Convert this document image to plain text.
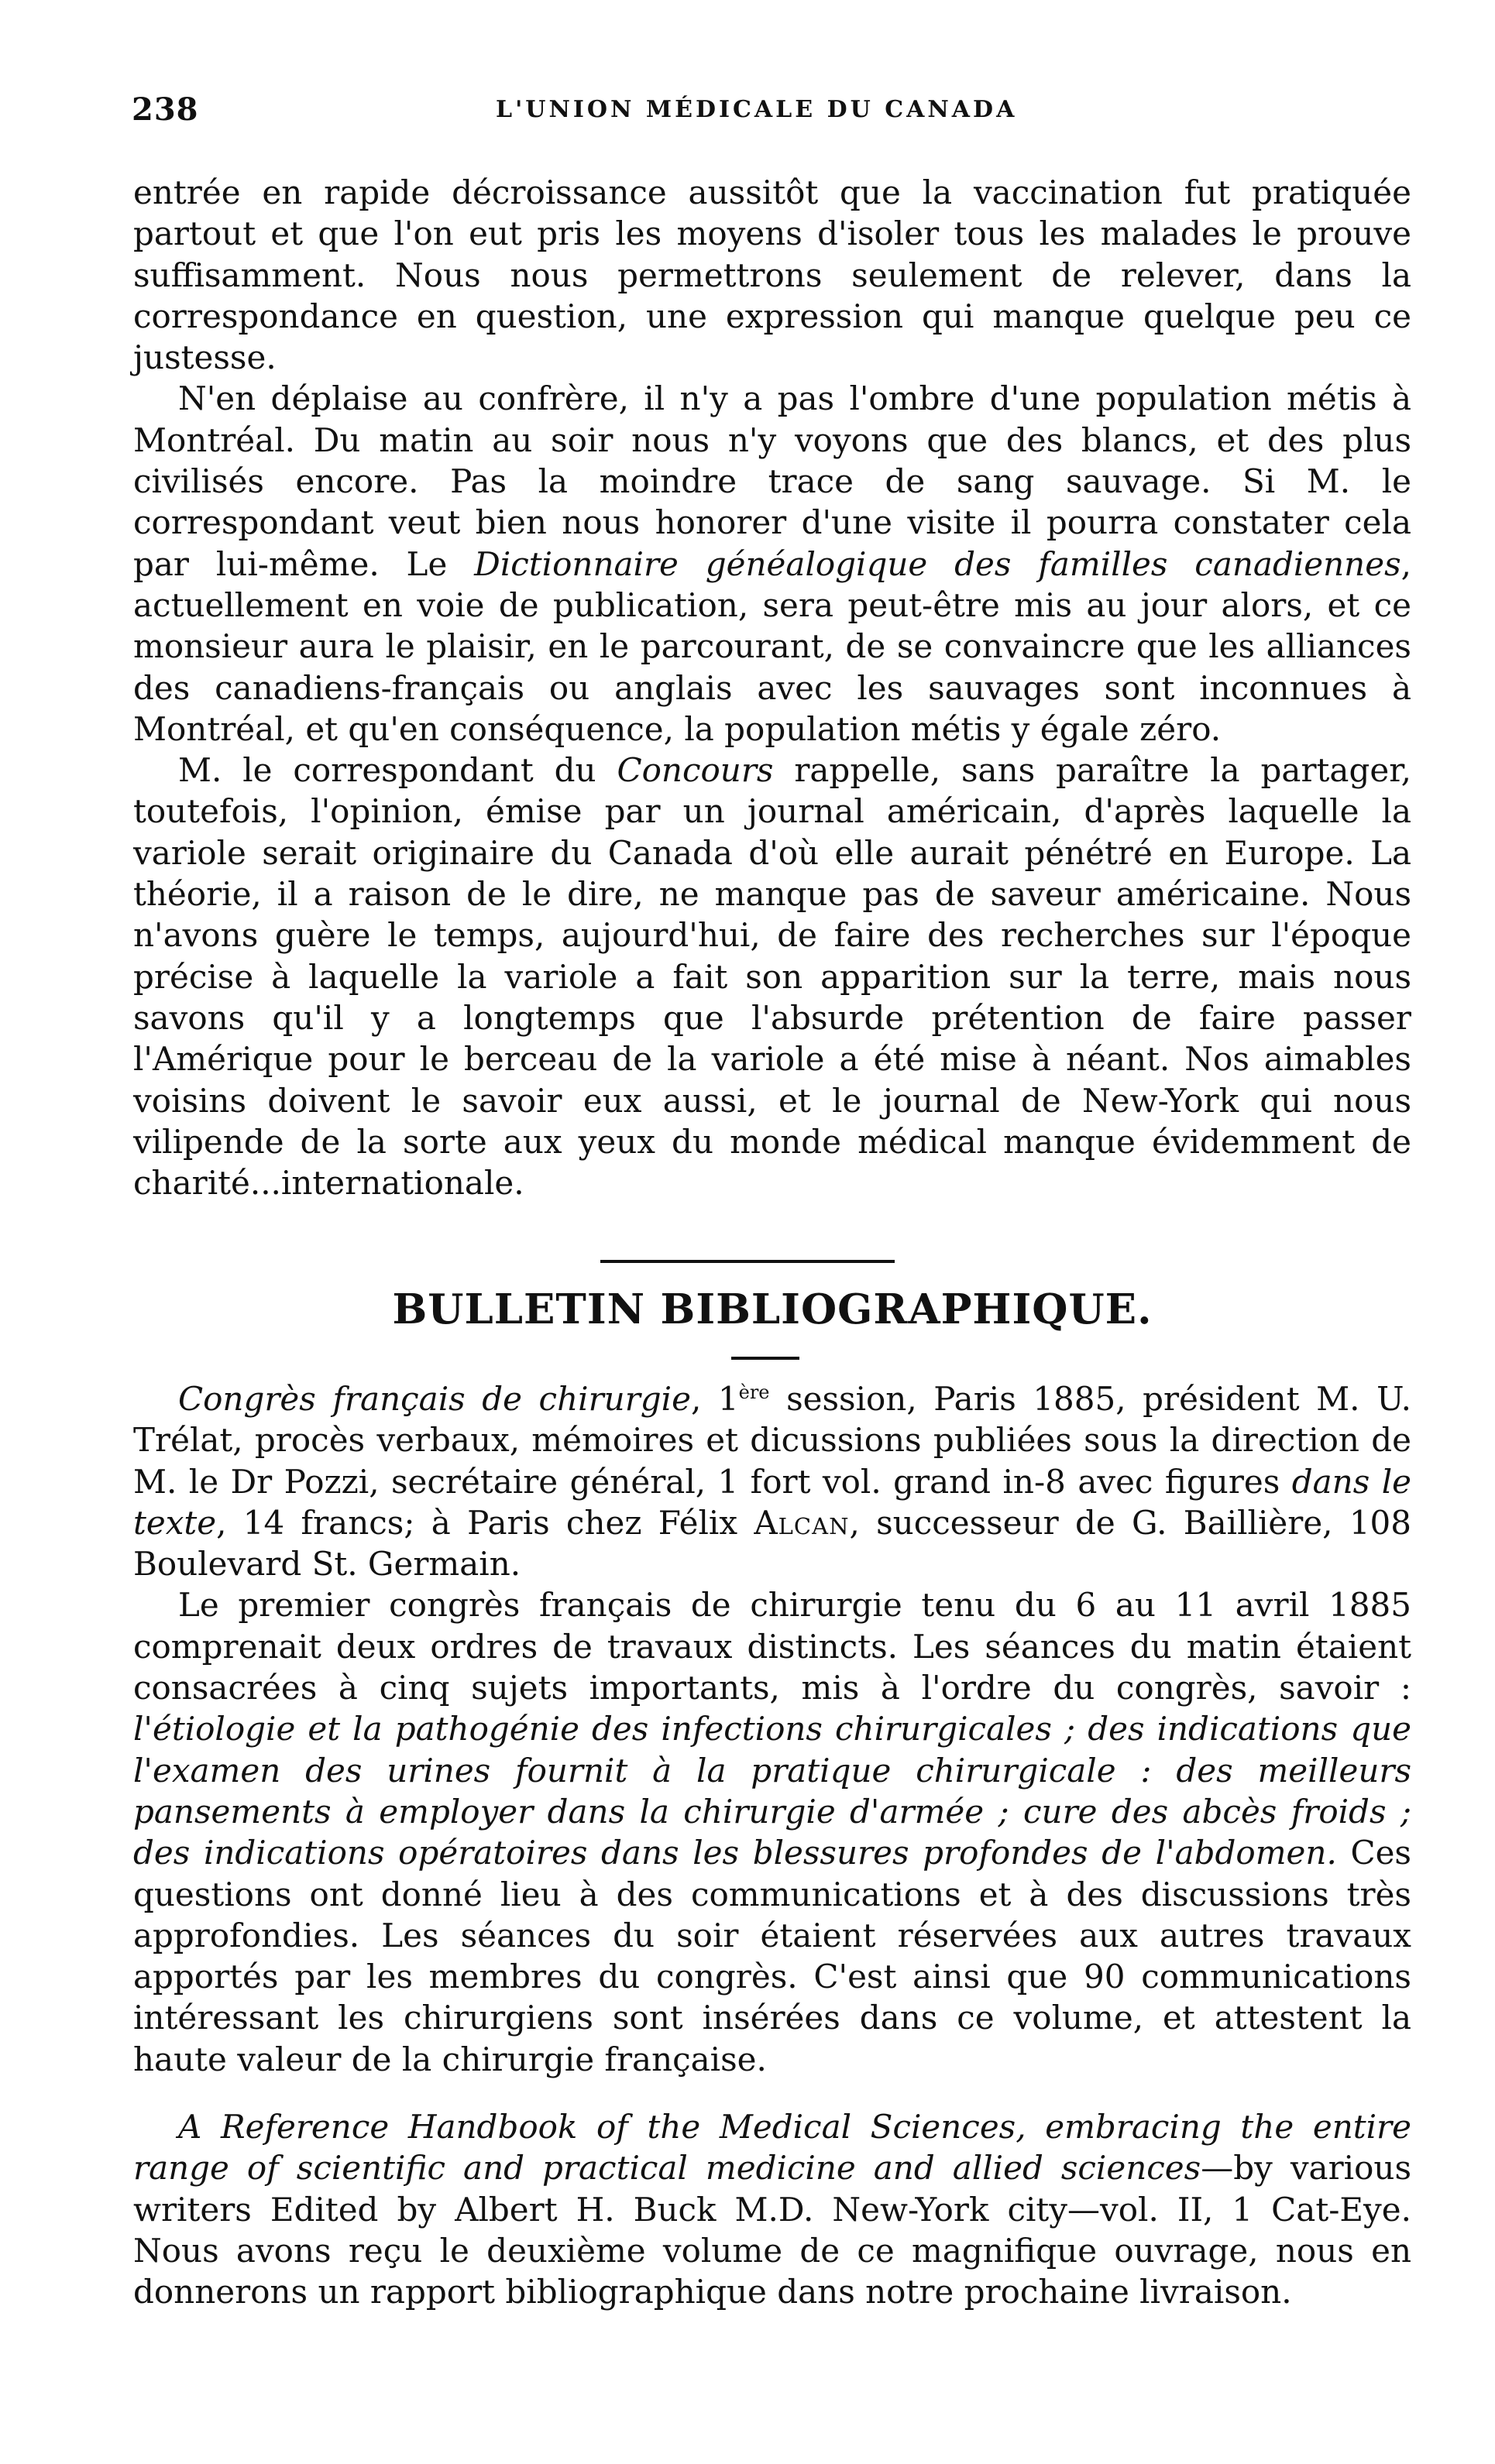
238	L'UNION MÉDICALE DU CANADA

entrée en rapide décroissance aussitôt que la vaccination fut pratiquée partout et que l'on eut pris les moyens d'isoler tous les malades le prouve suffisamment. Nous nous permettrons seulement de relever, dans la correspondance en question, une expression qui manque quelque peu ce justesse.

N'en déplaise au confrère, il n'y a pas l'ombre d'une population métis à Montréal. Du matin au soir nous n'y voyons que des blancs, et des plus civilisés encore. Pas la moindre trace de sang sauvage. Si M. le correspondant veut bien nous honorer d'une visite il pourra constater cela par lui-même. Le Dictionnaire généalogique des familles canadiennes, actuellement en voie de publication, sera peut-être mis au jour alors, et ce monsieur aura le plaisir, en le parcourant, de se convaincre que les alliances des canadiens-français ou anglais avec les sauvages sont inconnues à Montréal, et qu'en conséquence, la population métis y égale zéro.

M. le correspondant du Concours rappelle, sans paraître la partager, toutefois, l'opinion, émise par un journal américain, d'après laquelle la variole serait originaire du Canada d'où elle aurait pénétré en Europe. La théorie, il a raison de le dire, ne manque pas de saveur américaine. Nous n'avons guère le temps, aujourd'hui, de faire des recherches sur l'époque précise à laquelle la variole a fait son apparition sur la terre, mais nous savons qu'il y a longtemps que l'absurde prétention de faire passer l'Amérique pour le berceau de la variole a été mise à néant. Nos aimables voisins doivent le savoir eux aussi, et le journal de New-York qui nous vilipende de la sorte aux yeux du monde médical manque évidemment de charité...internationale.

BULLETIN BIBLIOGRAPHIQUE.

Congrès français de chirurgie, 1ère session, Paris 1885, président M. U. Trélat, procès verbaux, mémoires et dicussions publiées sous la direction de M. le Dr Pozzi, secrétaire général, 1 fort vol. grand in-8 avec figures dans le texte, 14 francs; à Paris chez Félix Alcan, successeur de G. Baillière, 108 Boulevard St. Germain.

Le premier congrès français de chirurgie tenu du 6 au 11 avril 1885 comprenait deux ordres de travaux distincts. Les séances du matin étaient consacrées à cinq sujets importants, mis à l'ordre du congrès, savoir : l'étiologie et la pathogénie des infections chirurgicales ; des indications que l'examen des urines fournit à la pratique chirurgicale : des meilleurs pansements à employer dans la chirurgie d'armée ; cure des abcès froids ; des indications opératoires dans les blessures profondes de l'abdomen. Ces questions ont donné lieu à des communications et à des discussions très approfondies. Les séances du soir étaient réservées aux autres travaux apportés par les membres du congrès. C'est ainsi que 90 communications intéressant les chirurgiens sont insérées dans ce volume, et attestent la haute valeur de la chirurgie française.

A Reference Handbook of the Medical Sciences, embracing the entire range of scientific and practical medicine and allied sciences—by various writers Edited by Albert H. Buck M.D. New-York city—vol. II, 1 Cat-Eye. Nous avons reçu le deuxième volume de ce magnifique ouvrage, nous en donnerons un rapport bibliographique dans notre prochaine livraison.
